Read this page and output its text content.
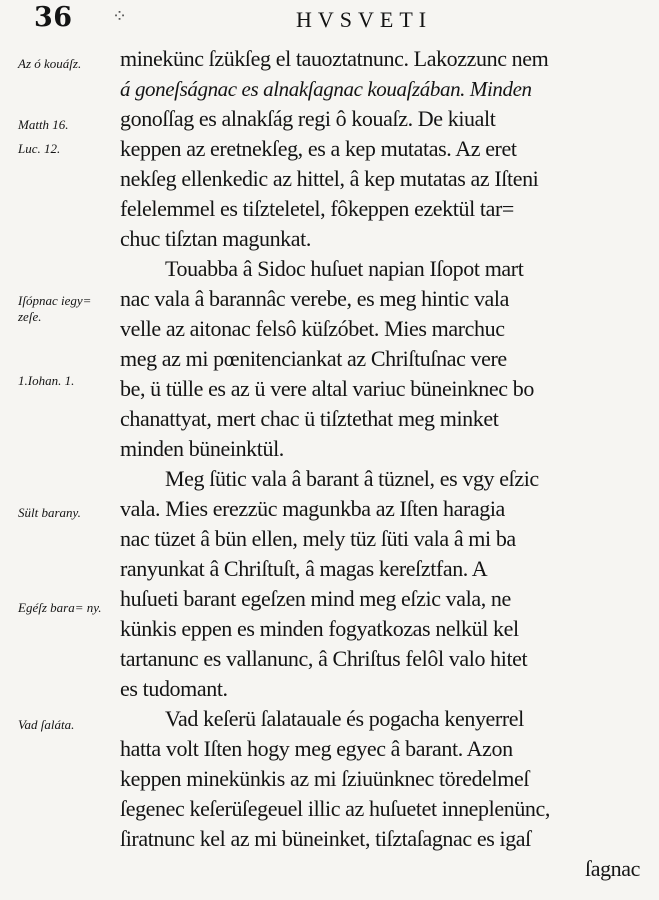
36 ⁘	HVSVETI
Az ó kouáſz.
Matth 16.
Luc. 12.
Iſópnac iegy= zeſe.
1.Iohan. 1.
Sült barany.
Egéſz bara= ny.
Vad ſaláta.
minekünc ſzükſeg el tauoztatnunc. Lakozzunc nem
á goneſságnac es alnakſagnac kouaſzában. Minden
gonoſſag es alnakſág regi ô kouaſz. De kiualt
keppen az eretnekſeg, es a kep mutatas. Az eret
nekſeg ellenkedic az hittel, â kep mutatas az Iſteni
felelemmel es tiſzteletel, fôkeppen ezektül tar=
chuc tiſztan magunkat.
Touabba â Sidoc huſuet napian Iſopot mart
nac vala â barannâc verebe, es meg hintic vala
velle az aitonac felsô küſzóbet. Mies marchuc
meg az mi pœnitenciankat az Chriſtuſnac vere
be, ü tülle es az ü vere altal variuc büneinknec bo
chanattyat, mert chac ü tiſztethat meg minket
minden büneinktül.
Meg ſütic vala â barant â tüznel, es vgy eſzic
vala. Mies erezzüc magunkba az Iſten haragia
nac tüzet â bün ellen, mely tüz ſüti vala â mi ba
ranyunkat â Chriſtuſt, â magas kereſztfan. A
huſueti barant egeſzen mind meg eſzic vala, ne
künkis eppen es minden fogyatkozas nelkül kel
tartanunc es vallanunc, â Chriſtus felôl valo hitet
es tudomant.
Vad keſerü ſalatauale és pogacha kenyerrel
hatta volt Iſten hogy meg egyec â barant. Azon
keppen minekünkis az mi ſziuünknec töredelmeſ
ſegenec keſerüſegeuel illic az huſuetet inneplenünc,
ſiratnunc kel az mi büneinket, tiſztaſagnac es igaſ
ſagnac
